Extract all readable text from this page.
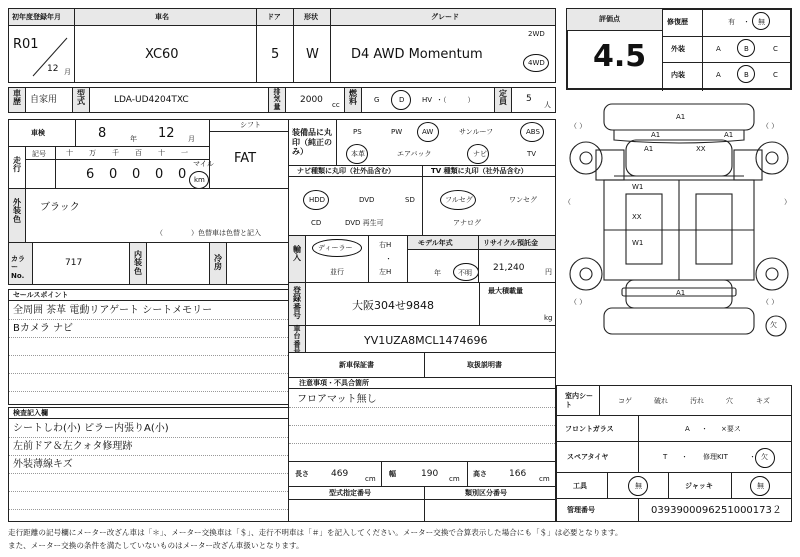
初年度登録年月
R01
12 月
車名
XC60
ドア
5
形状
W
グレード
D4 AWD Momentum
2WD
4WD
評価点
4.5
修復歴	有 ・ 無
外装	A	B	C
内装	A	B	C
車歴 自家用
型式	LDA-UD4204TXC
排気量
2000 cc
燃料 G	D	HV ・（　　　）
定員 5
人
車検	8	年 12 月
シフト
FAT
走行
記号	十 万 千 百 十 一
マイル
6 0 0 0 0 km
装備品に丸印（純正のみ）
PS	PW	AW	サンルーフ	ABS
本革	エアバック	ナビ	TV
ナビ種類に丸印（社外品含む）	TV 種類に丸印（社外品含む）
HDD	DVD	SD
CD	DVD 再生可
フルセグ	ワンセグ
アナログ
外装色
ブラック
（　　　　）色替車は色替と記入
カラーNo.
717
内装色
冷房
輸入
ディーラー
並行
右H
・
左H
モデル年式
年 不明
リサイクル預託金
21,240	円
セールスポイント
全周囲 茶革 電動リアゲート シートメモリー
Bカメラ ナビ
登録番号
大阪304せ9848
最大積載量
kg
車台番	YV1UZA8MCL1474696
新車保証書	取扱説明書
注意事項・不具合箇所
フロアマット無し
検査記入欄
シートしわ(小) ピラー内張りA(小)
左前ドア＆左クォタ修理跡
外装薄線キズ
長さ 469 cm
幅	190 cm
高さ 166 cm
型式指定番号	類別区分番号
（ ）	（ ）
（ ）	（ ）
（	）
A1
A1	A1
XX
A1
W1
W1
XX
A1
欠
室内シート
コゲ	破れ	汚れ	穴	キズ
フロントガラス	A ・ ×要ス
スペアタイヤ	T ・ 修理KIT	・ 欠
工具	無	ジャッキ	無
管理番号	0393900096251000173２
走行距離の記号欄にメーター改ざん車は「＊」、メーター交換車は「＄」、走行不明車は「＃」を記入してください。メーター交換で合算表示した場合にも「＄」は必要となります。
また、メーター交換の条件を満たしていないものはメーター改ざん車扱いとなります。
